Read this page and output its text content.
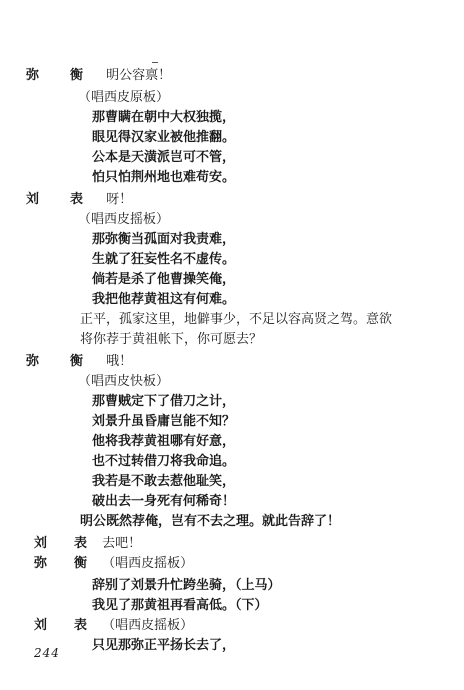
弥　衡 明公容禀！
（唱西皮原板）
那曹瞒在朝中大权独揽，
眼见得汉家业被他推翻。
公本是天潢派岂可不管，
怕只怕荆州地也难苟安。
刘　表 呀！
（唱西皮摇板）
那弥衡当孤面对我责难，
生就了狂妄性名不虚传。
倘若是杀了他曹操笑俺，
我把他荐黄祖这有何难。
正平，孤家这里，地僻事少，不足以容高贤之驾。意欲
将你荐于黄祖帐下，你可愿去？
弥　衡 哦！
（唱西皮快板）
那曹贼定下了借刀之计，
刘景升虽昏庸岂能不知？
他将我荐黄祖哪有好意，
也不过转借刀将我命追。
我若是不敢去惹他耻笑，
破出去一身死有何稀奇！
明公既然荐俺，岂有不去之理。就此告辞了！
刘　表 去吧！
弥　衡 （唱西皮摇板）
辞别了刘景升忙跨坐骑，（上马）
我见了那黄祖再看高低。（下）
刘　表 （唱西皮摇板）
只见那弥正平扬长去了，
244
